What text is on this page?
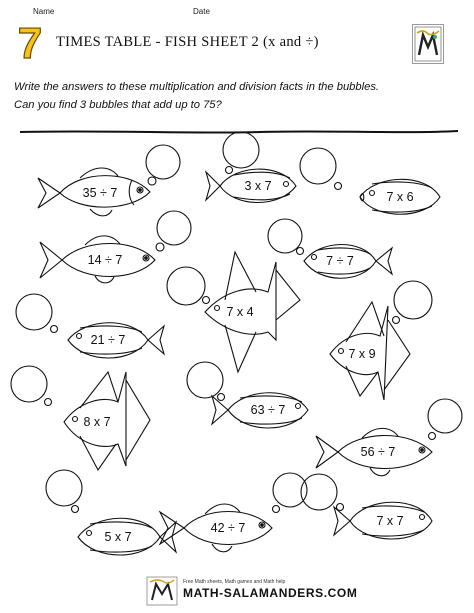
Name	Date
7 TIMES TABLE - FISH SHEET 2 (x and ÷)
Write the answers to these multiplication and division facts in the bubbles.
Can you find 3 bubbles that add up to 75?
35 ÷ 7	3 x 7
7 x 6
14 ÷ 7	7 ÷ 7
7 x 4
21 ÷ 7
7 x 9
8 x 7
63 ÷ 7
56 ÷ 7
42 ÷ 7
5 x 7
7 x 7
Free Math sheets, Math games and Math help
MATH-SALAMANDERS.COM
